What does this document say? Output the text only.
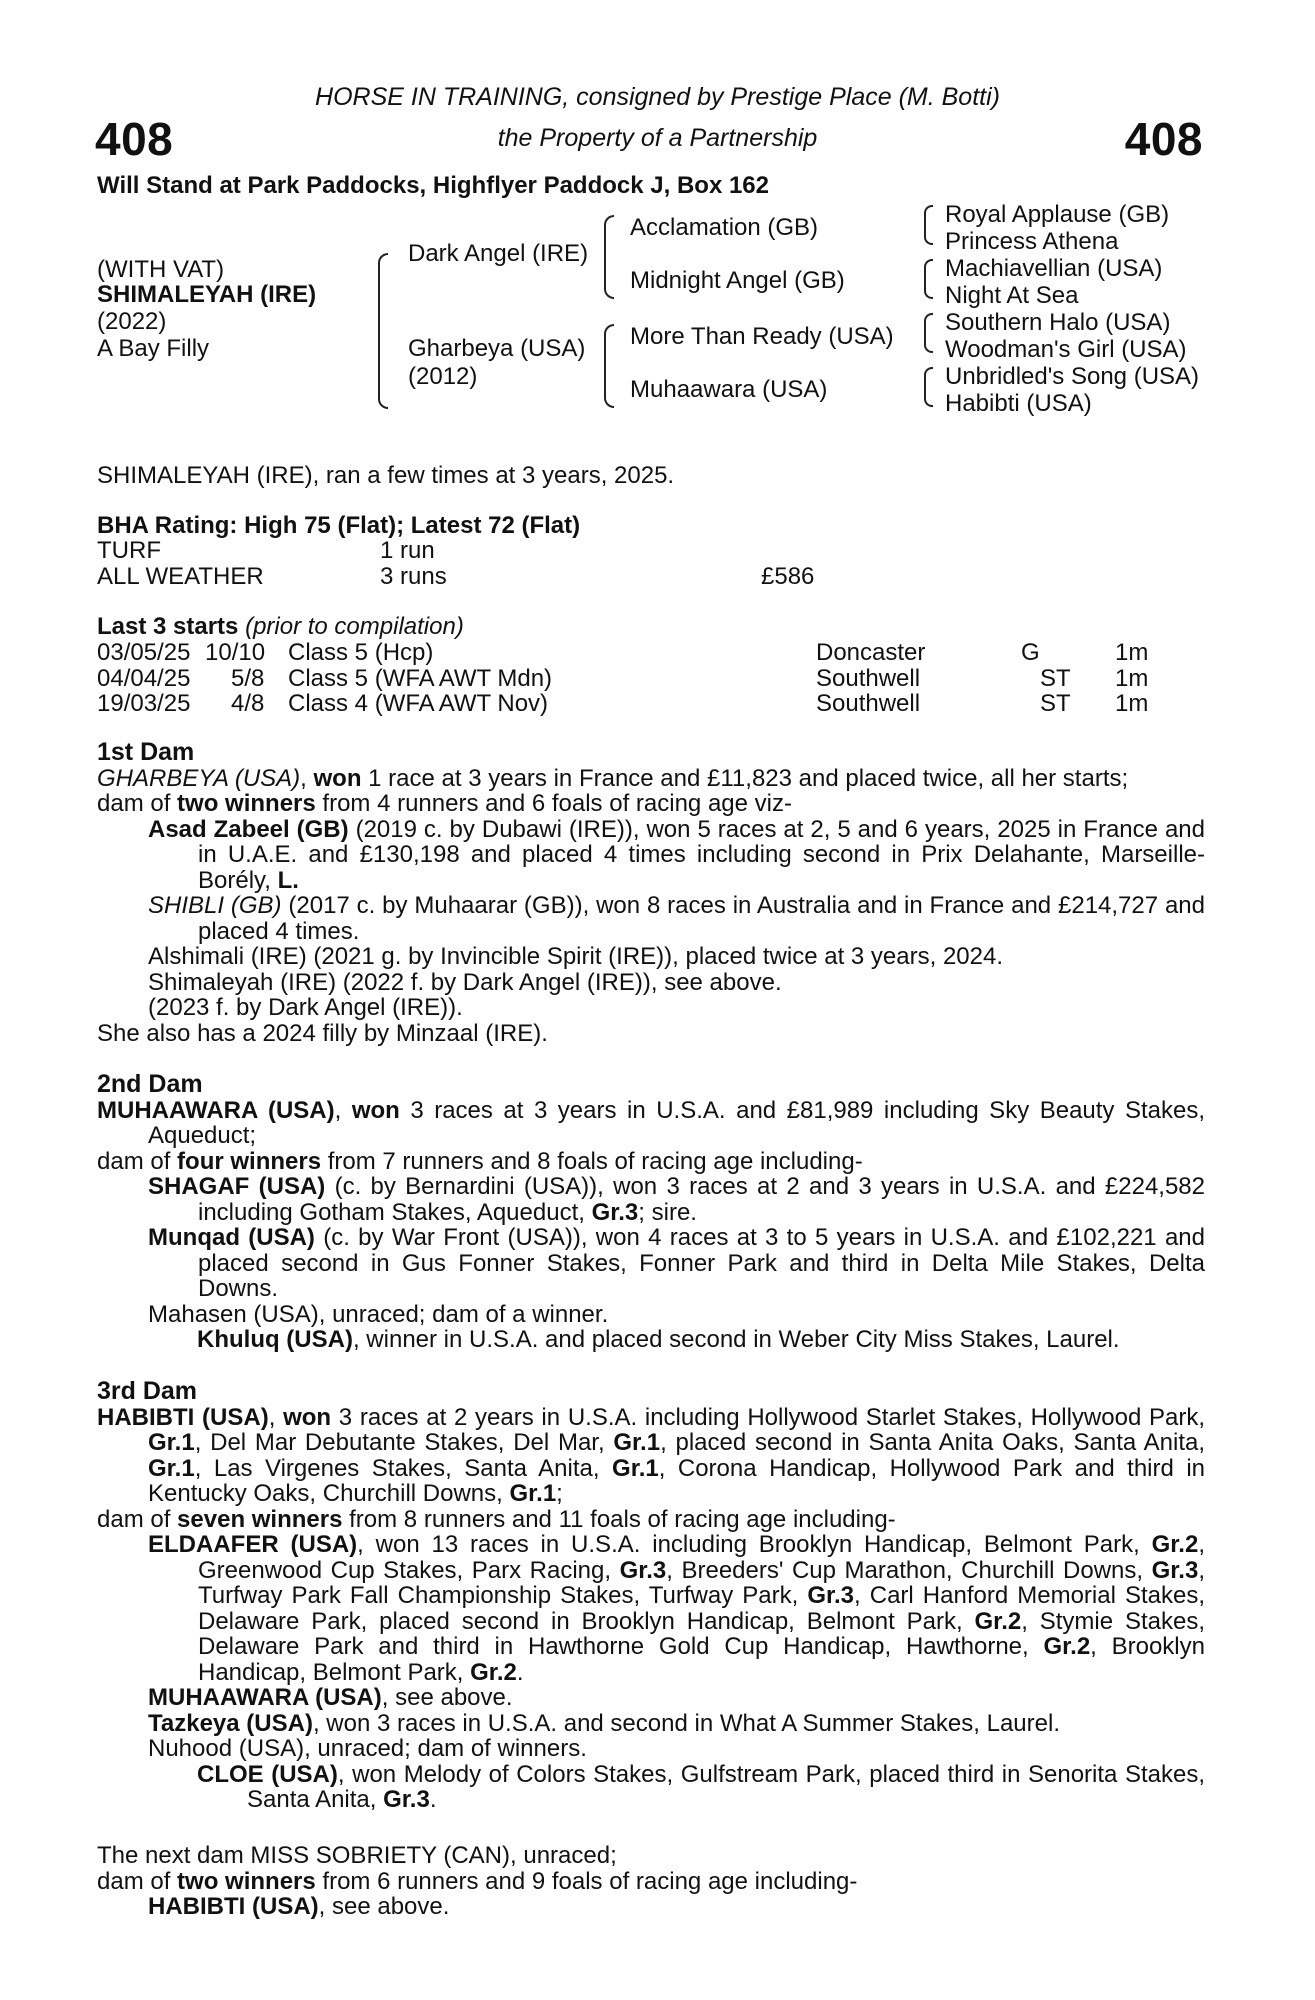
408	408
HORSE IN TRAINING, consigned by Prestige Place (M. Botti)
the Property of a Partnership
Will Stand at Park Paddocks, Highflyer Paddock J, Box 162
(WITH VAT)
SHIMALEYAH (IRE)
(2022)
A Bay Filly
Dark Angel (IRE)
Gharbeya (USA)
(2012)
Acclamation (GB)
Midnight Angel (GB)
More Than Ready (USA)
Muhaawara (USA)
Royal Applause (GB)
Princess Athena
Machiavellian (USA)
Night At Sea
Southern Halo (USA)
Woodman's Girl (USA)
Unbridled's Song (USA)
Habibti (USA)
SHIMALEYAH (IRE), ran a few times at 3 years, 2025.
BHA Rating: High 75 (Flat); Latest 72 (Flat)
TURF	1 run
ALL WEATHER	3 runs	£586
Last 3 starts (prior to compilation)
03/05/25 10/10 Class 5 (Hcp)	Doncaster	G	1m
04/04/25 5/8 Class 5 (WFA AWT Mdn)	Southwell	ST 1m
19/03/25 4/8 Class 4 (WFA AWT Nov)	Southwell	ST 1m

1st Dam

GHARBEYA (USA), won 1 race at 3 years in France and £11,823 and placed twice, all her starts;

dam of two winners from 4 runners and 6 foals of racing age viz-

Asad Zabeel (GB) (2019 c. by Dubawi (IRE)), won 5 races at 2, 5 and 6 years, 2025 in France and in U.A.E. and £130,198 and placed 4 times including second in Prix Delahante, Marseille-Borély, L.

SHIBLI (GB) (2017 c. by Muhaarar (GB)), won 8 races in Australia and in France and £214,727 and placed 4 times.

Alshimali (IRE) (2021 g. by Invincible Spirit (IRE)), placed twice at 3 years, 2024.

Shimaleyah (IRE) (2022 f. by Dark Angel (IRE)), see above.

(2023 f. by Dark Angel (IRE)).

She also has a 2024 filly by Minzaal (IRE).

2nd Dam

MUHAAWARA (USA), won 3 races at 3 years in U.S.A. and £81,989 including Sky Beauty Stakes, Aqueduct;

dam of four winners from 7 runners and 8 foals of racing age including-

SHAGAF (USA) (c. by Bernardini (USA)), won 3 races at 2 and 3 years in U.S.A. and £224,582 including Gotham Stakes, Aqueduct, Gr.3; sire.

Munqad (USA) (c. by War Front (USA)), won 4 races at 3 to 5 years in U.S.A. and £102,221 and placed second in Gus Fonner Stakes, Fonner Park and third in Delta Mile Stakes, Delta Downs.

Mahasen (USA), unraced; dam of a winner.

Khuluq (USA), winner in U.S.A. and placed second in Weber City Miss Stakes, Laurel.

3rd Dam

HABIBTI (USA), won 3 races at 2 years in U.S.A. including Hollywood Starlet Stakes, Hollywood Park, Gr.1, Del Mar Debutante Stakes, Del Mar, Gr.1, placed second in Santa Anita Oaks, Santa Anita, Gr.1, Las Virgenes Stakes, Santa Anita, Gr.1, Corona Handicap, Hollywood Park and third in Kentucky Oaks, Churchill Downs, Gr.1;

dam of seven winners from 8 runners and 11 foals of racing age including-

ELDAAFER (USA), won 13 races in U.S.A. including Brooklyn Handicap, Belmont Park, Gr.2, Greenwood Cup Stakes, Parx Racing, Gr.3, Breeders' Cup Marathon, Churchill Downs, Gr.3, Turfway Park Fall Championship Stakes, Turfway Park, Gr.3, Carl Hanford Memorial Stakes, Delaware Park, placed second in Brooklyn Handicap, Belmont Park, Gr.2, Stymie Stakes, Delaware Park and third in Hawthorne Gold Cup Handicap, Hawthorne, Gr.2, Brooklyn Handicap, Belmont Park, Gr.2.

MUHAAWARA (USA), see above.

Tazkeya (USA), won 3 races in U.S.A. and second in What A Summer Stakes, Laurel.

Nuhood (USA), unraced; dam of winners.

CLOE (USA), won Melody of Colors Stakes, Gulfstream Park, placed third in Senorita Stakes, Santa Anita, Gr.3.

The next dam MISS SOBRIETY (CAN), unraced;

dam of two winners from 6 runners and 9 foals of racing age including-

HABIBTI (USA), see above.
